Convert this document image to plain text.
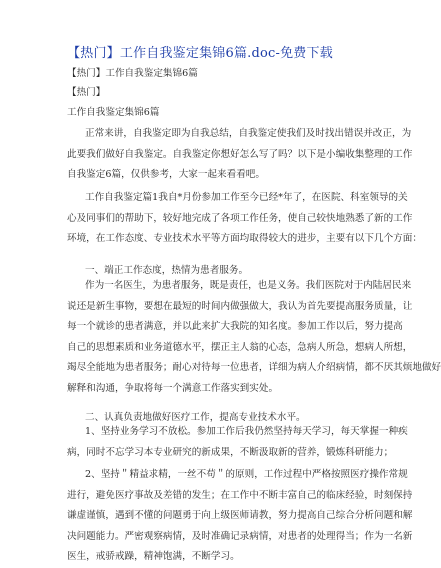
【热门】工作自我鉴定集锦6篇.doc-免费下载
【热门】工作自我鉴定集锦6篇
【热门】
工作自我鉴定集锦6篇
正常来讲，自我鉴定即为自我总结，自我鉴定使我们及时找出错误并改正，为
此要我们做好自我鉴定。自我鉴定你想好怎么写了吗？以下是小编收集整理的工作
自我鉴定6篇，仅供参考，大家一起来看看吧。
工作自我鉴定篇1我自*月份参加工作至今已经*年了，在医院、科室领导的关
心及同事们的帮助下，较好地完成了各项工作任务，使自己较快地熟悉了新的工作
环境，在工作态度、专业技术水平等方面均取得较大的进步，主要有以下几个方面：
一、端正工作态度，热情为患者服务。
作为一名医生，为患者服务，既是责任，也是义务。我们医院对于内陆居民来
说还是新生事物，要想在最短的时间内做强做大，我认为首先要提高服务质量，让
每一个就诊的患者满意，并以此来扩大我院的知名度。参加工作以后，努力提高
自己的思想素质和业务道德水平，摆正主人翁的心态，急病人所急，想病人所想，
竭尽全能地为患者服务；耐心对待每一位患者，详细为病人介绍病情，都不厌其烦地做好
解释和沟通，争取将每一个满意工作落实到实处。
二、认真负责地做好医疗工作，提高专业技术水平。
1、坚持业务学习不放松。参加工作后我仍然坚持每天学习，每天掌握一种疾
病，同时不忘学习本专业研究的新成果，不断汲取新的营养，锻炼科研能力；
2、坚持＂精益求精，一丝不苟＂的原则，工作过程中严格按照医疗操作常规
进行，避免医疗事故及差错的发生；在工作中不断丰富自己的临床经验，时刻保持
谦虚谨慎，遇到不懂的问题勇于向上级医师请教，努力提高自己综合分析问题和解
决问题能力。严密观察病情，及时准确记录病情，对患者的处理得当；作为一名新
医生，戒骄戒躁，精神饱满，不断学习。
